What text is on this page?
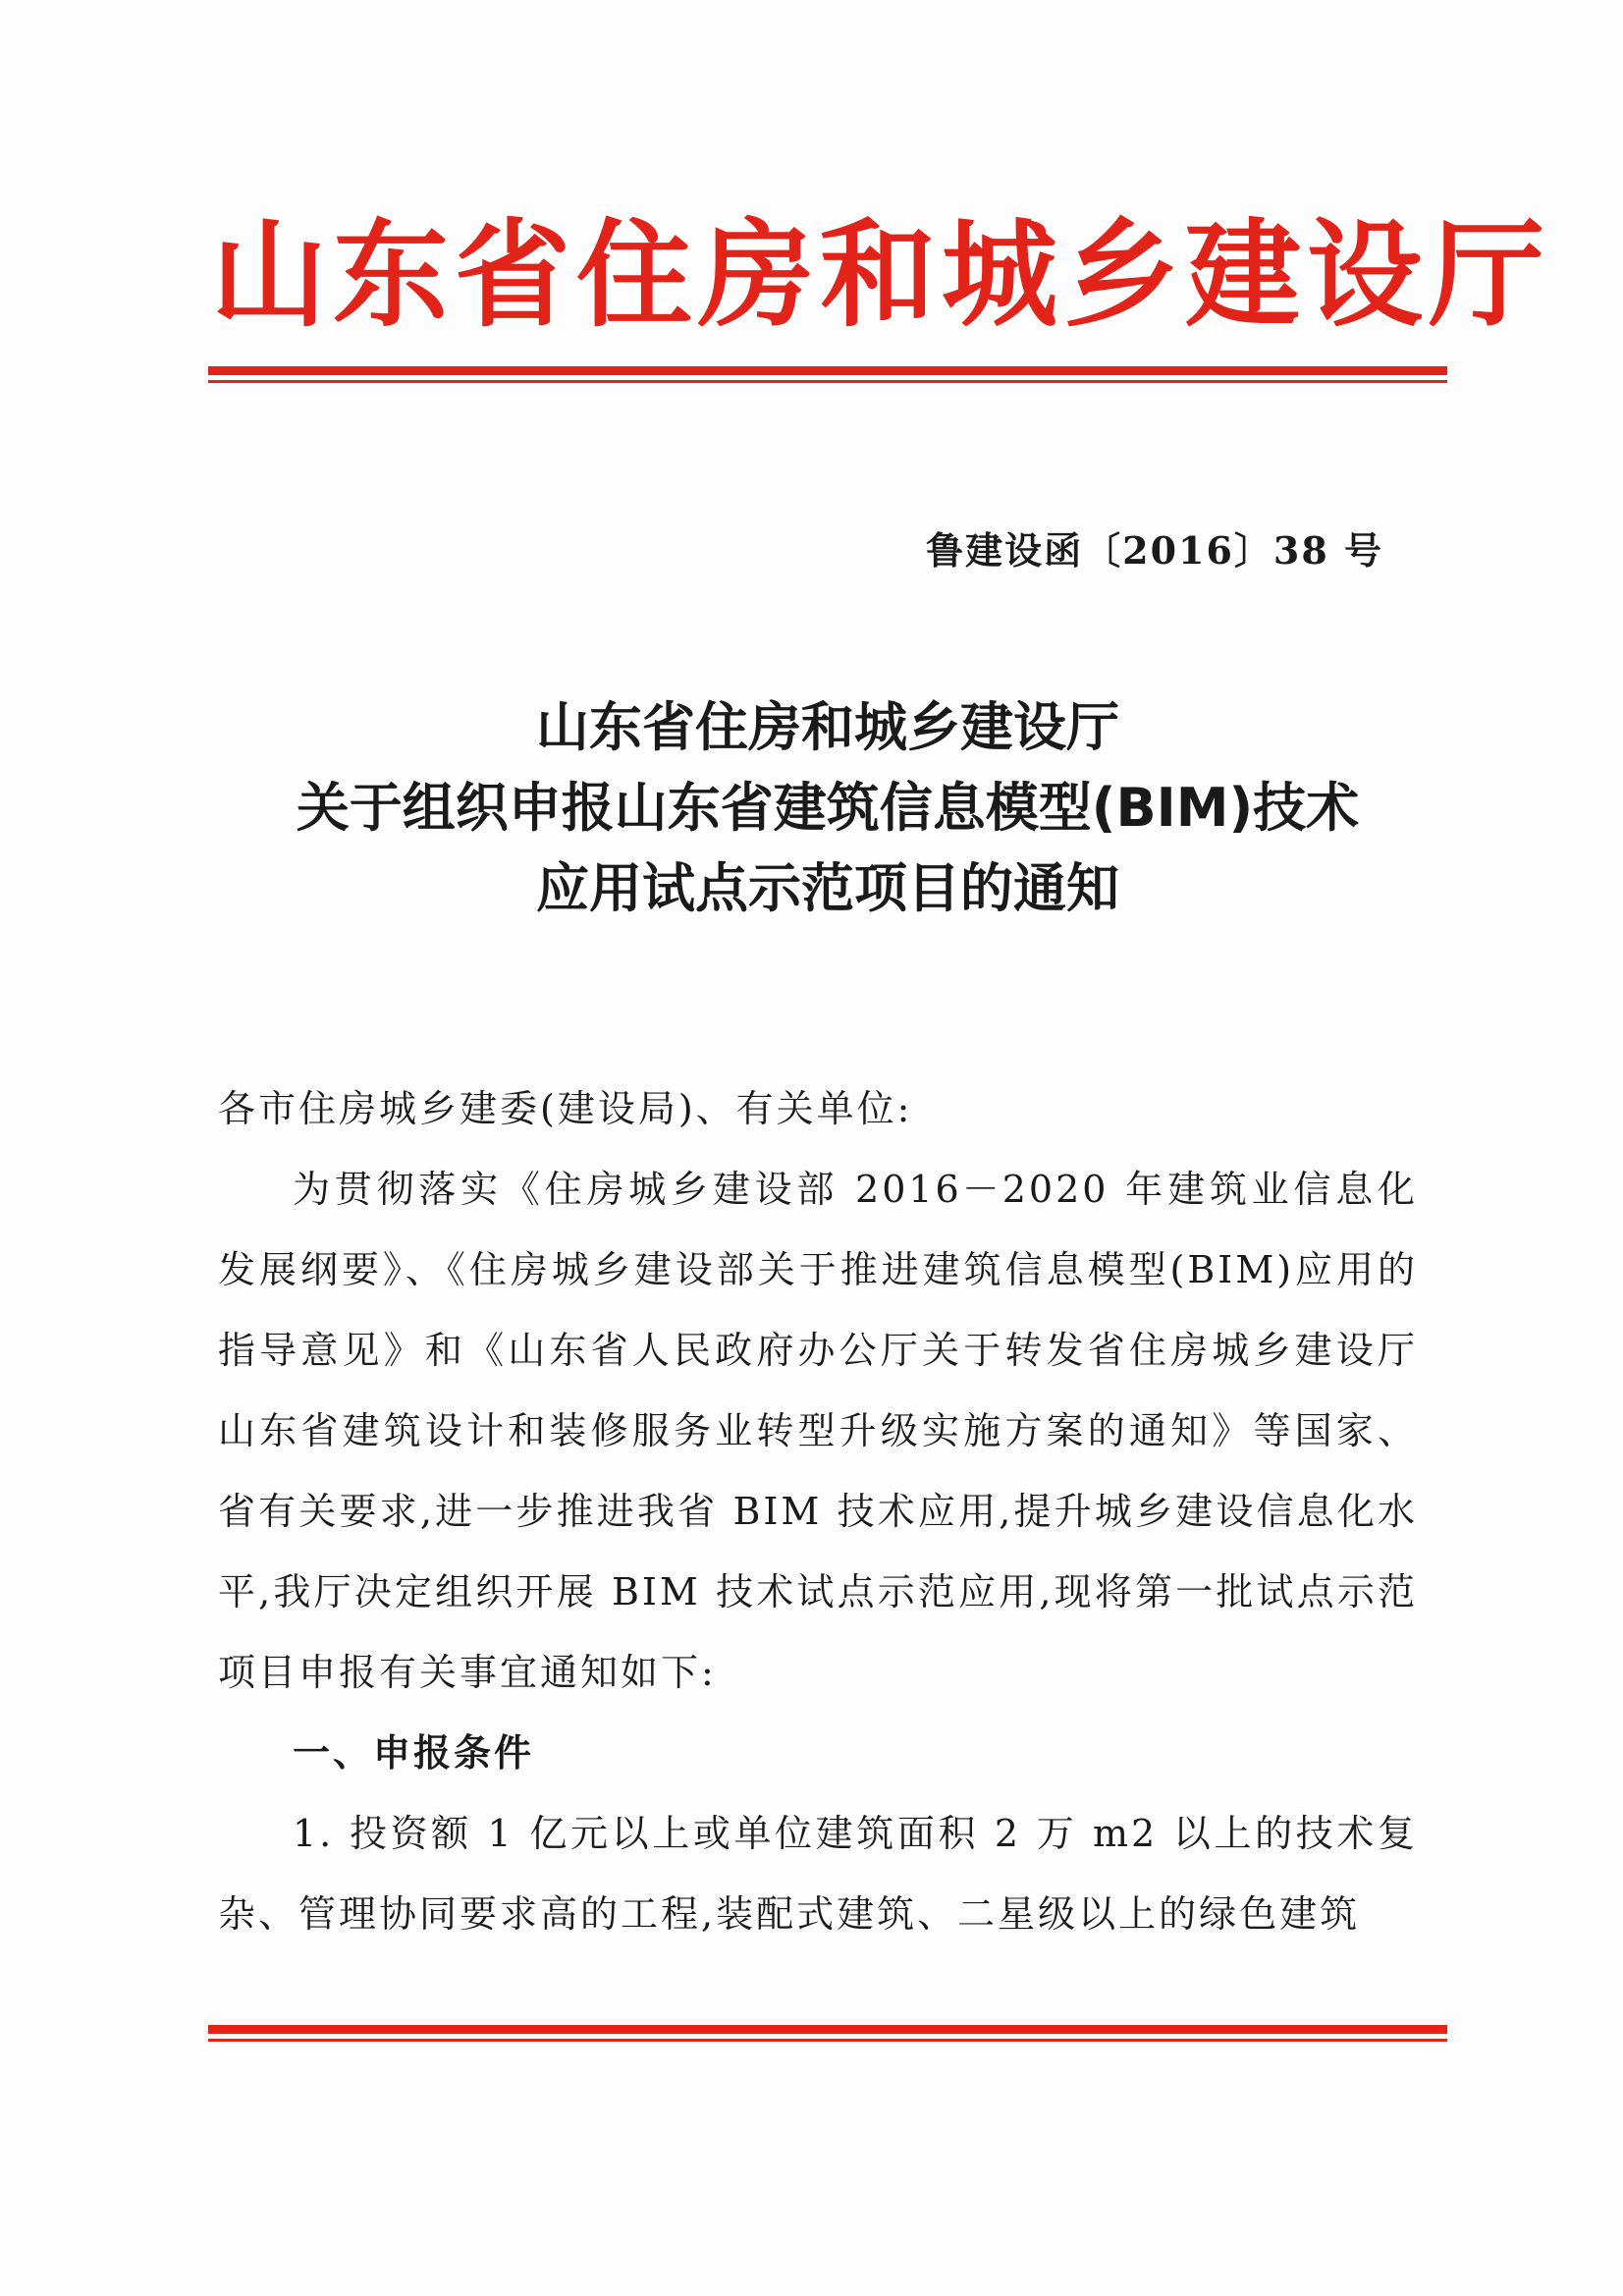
山东省住房和城乡建设厅
鲁建设函〔2016〕38 号
山东省住房和城乡建设厅
关于组织申报山东省建筑信息模型(BIM)技术
应用试点示范项目的通知

各市住房城乡建委(建设局)、有关单位:

为贯彻落实《住房城乡建设部 2016－2020 年建筑业信息化发展纲要》、《住房城乡建设部关于推进建筑信息模型(BIM)应用的指导意见》和《山东省人民政府办公厅关于转发省住房城乡建设厅山东省建筑设计和装修服务业转型升级实施方案的通知》等国家、省有关要求,进一步推进我省 BIM 技术应用,提升城乡建设信息化水平,我厅决定组织开展 BIM 技术试点示范应用,现将第一批试点示范项目申报有关事宜通知如下:

一、申报条件

1. 投资额 1 亿元以上或单位建筑面积 2 万 m2 以上的技术复杂、管理协同要求高的工程,装配式建筑、二星级以上的绿色建筑
